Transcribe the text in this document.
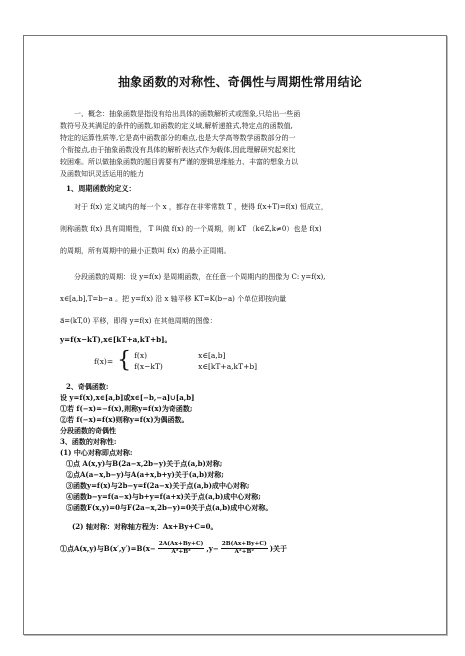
抽象函数的对称性、奇偶性与周期性常用结论

一、概念：抽象函数是指没有给出具体的函数解析式或图象,只给出一些函

数符号及其满足的条件的函数,如函数的定义域,解析递推式,特定点的函数值,

特定的运算性质等,它是高中函数部分的难点,也是大学高等数学函数部分的一

个衔接点,由于抽象函数没有具体的解析表达式作为载体,因此理解研究起来比

较困难。所以做抽象函数的题目需要有严谨的逻辑思维能力、丰富的想象力以

及函数知识灵活运用的能力

1、周期函数的定义：

对于 f(x) 定义域内的每一个 x ，都存在非零常数 T ，使得 f(x+T)=f(x) 恒成立，

则称函数 f(x) 具有周期性， T 叫做 f(x) 的一个周期，则 kT （k∈Z,k≠0）也是 f(x)

的周期，所有周期中的最小正数叫 f(x) 的最小正周期。

分段函数的周期：设 y=f(x) 是周期函数，在任意一个周期内的图像为 C: y=f(x),

x∈[a,b],T=b−a 。把 y=f(x) 沿 x 轴平移 KT=K(b−a) 个单位即按向量

a⃗=(kT,0) 平移，即得 y=f(x) 在其他周期的图像：

y=f(x−kT),x∈[kT+a,kT+b]。
f(x)= { f(x)	x∈[a,b]
f(x−kT)	x∈[kT+a,kT+b]
2、奇偶函数:
设 y=f(x),x∈[a,b]或x∈[−b,−a]∪[a,b]
①若 f(−x)=−f(x),则称y=f(x)为奇函数;
②若 f(−x)=f(x)则称y=f(x)为偶函数。
分段函数的奇偶性
3、函数的对称性:
(1) 中心对称即点对称:
①点 A(x,y)与B(2a−x,2b−y)关于点(a,b)对称;
②点A(a−x,b−y)与A(a+x,b+y)关于(a,b)对称;
③函数y=f(x)与2b−y=f(2a−x)关于点(a,b)成中心对称;
④函数b−y=f(a−x)与b+y=f(a+x)关于点(a,b)成中心对称;
⑤函数F(x,y)=0与F(2a−x,2b−y)=0关于点(a,b)成中心对称。
(2) 轴对称：对称轴方程为：Ax+By+C=0。
①点A(x,y)与$B(x',y')=B(x- \frac{2A(Ax+By+C)}{\text{A²+B²}} ,y- \frac{2B(Ax+By+C)}{\text{A²+B²}}$ )关于
